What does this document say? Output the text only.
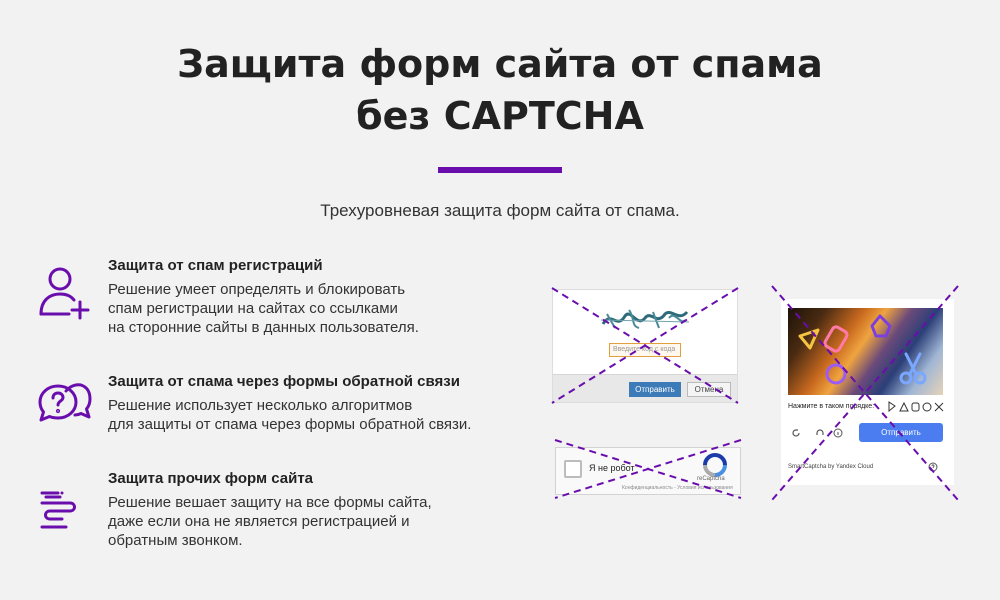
Защита форм сайта от спама
без CAPTCHA
Трехуровневая защита форм сайта от спама.
Защита от спам регистраций

Решение умеет определять и блокировать
спам регистрации на сайтах со ссылками
на сторонние сайты в данных пользователя.

Защита от спама через формы обратной связи

Решение использует несколько алгоритмов
для защиты от спама через формы обратной связи.

Защита прочих форм сайта

Решение вешает защиту на все формы сайта,
даже если она не является регистрацией и
обратным звонком.

Введите код с кода
Отправить	Отмена
Я не робот
reCaptcha
Конфиденциальность - Условия использования
Нажмите в таком порядке:
Отправить
SmartCaptcha by Yandex Cloud
